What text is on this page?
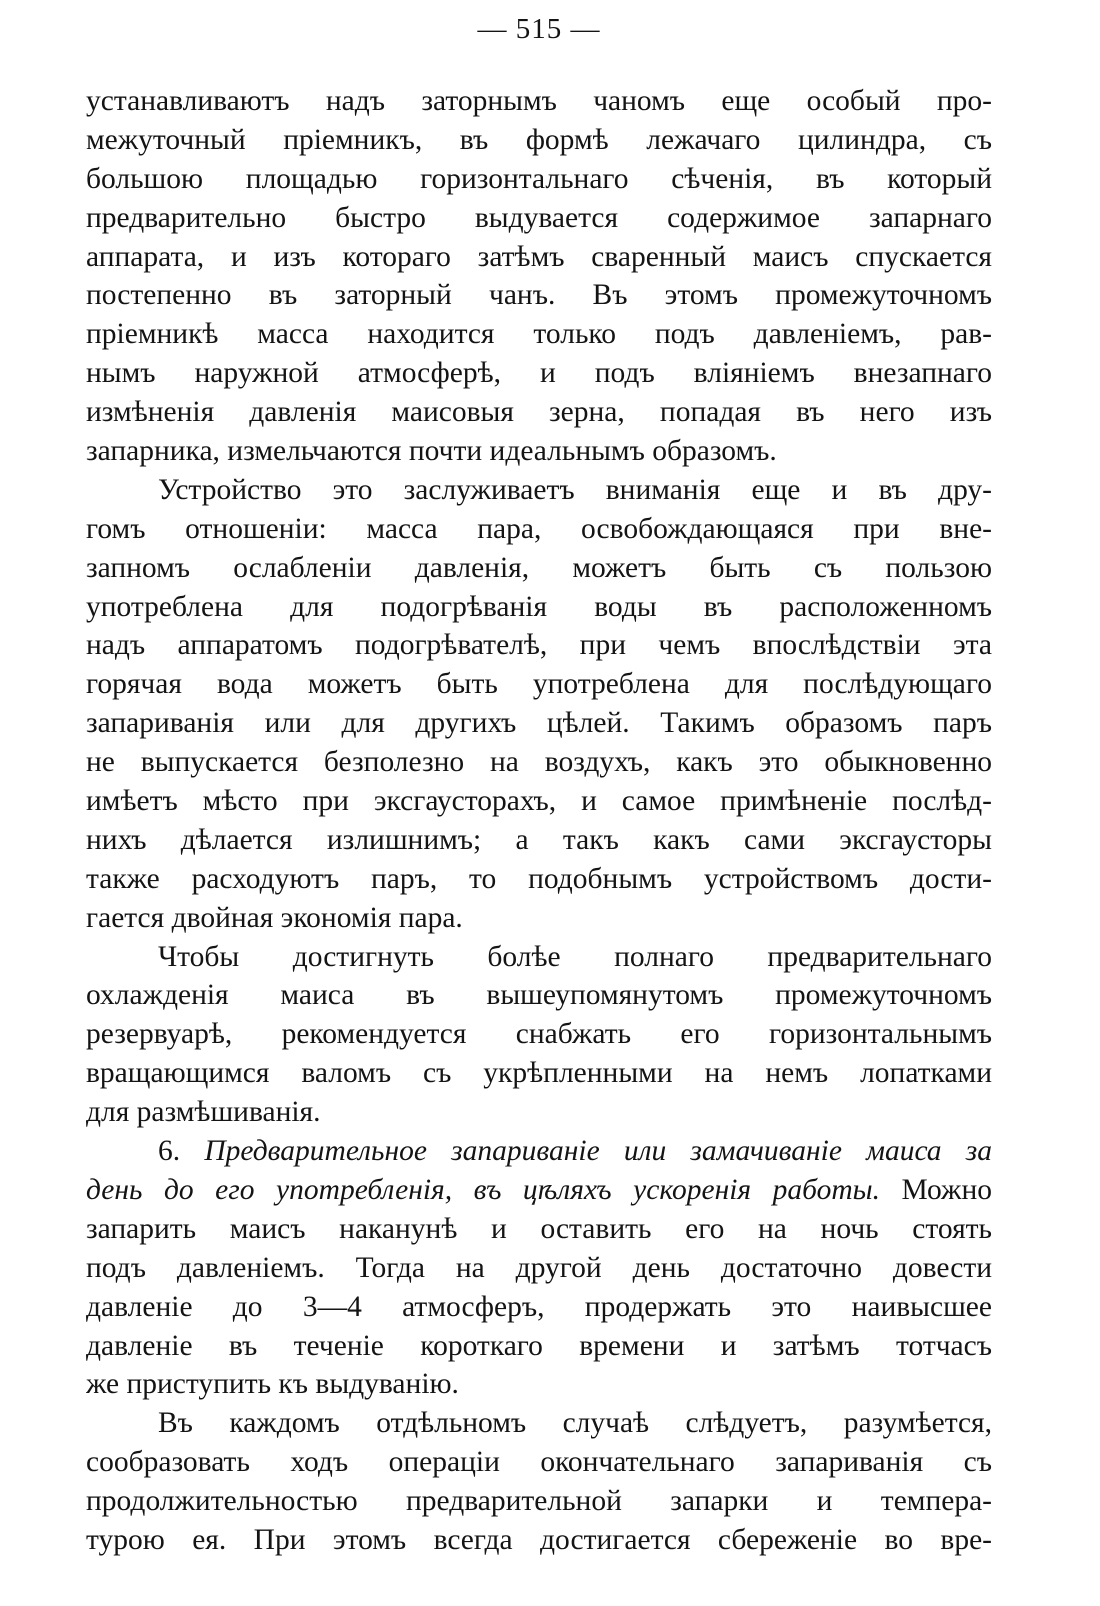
— 515 —
устанавливаютъ надъ заторнымъ чаномъ еще особый про-
межуточный пріемникъ, въ формѣ лежачаго цилиндра, съ
большою площадью горизонтальнаго сѣченія, въ который
предварительно быстро выдувается содержимое запарнаго
аппарата, и изъ котораго затѣмъ сваренный маисъ спускается
постепенно въ заторный чанъ. Въ этомъ промежуточномъ
пріемникѣ масса находится только подъ давленіемъ, рав-
нымъ наружной атмосферѣ, и подъ вліяніемъ внезапнаго
измѣненія давленія маисовыя зерна, попадая въ него изъ
запарника, измельчаются почти идеальнымъ образомъ.
Устройство это заслуживаетъ вниманія еще и въ дру-
гомъ отношеніи: масса пара, освобождающаяся при вне-
запномъ ослабленіи давленія, можетъ быть съ пользою
употреблена для подогрѣванія воды въ расположенномъ
надъ аппаратомъ подогрѣвателѣ, при чемъ впослѣдствіи эта
горячая вода можетъ быть употреблена для послѣдующаго
запариванія или для другихъ цѣлей. Такимъ образомъ паръ
не выпускается безполезно на воздухъ, какъ это обыкновенно
имѣетъ мѣсто при эксгаусторахъ, и самое примѣненіе послѣд-
нихъ дѣлается излишнимъ; а такъ какъ сами эксгаусторы
также расходуютъ паръ, то подобнымъ устройствомъ дости-
гается двойная экономія пара.
Чтобы достигнуть болѣе полнаго предварительнаго
охлажденія маиса въ вышеупомянутомъ промежуточномъ
резервуарѣ, рекомендуется снабжать его горизонтальнымъ
вращающимся валомъ съ укрѣпленными на немъ лопатками
для размѣшиванія.
6. Предварительное запариваніе или замачиваніе маиса за
день до его употребленія, въ цѣляхъ ускоренія работы. Можно
запарить маисъ наканунѣ и оставить его на ночь стоять
подъ давленіемъ. Тогда на другой день достаточно довести
давленіе до 3—4 атмосферъ, продержать это наивысшее
давленіе въ теченіе короткаго времени и затѣмъ тотчасъ
же приступить къ выдуванію.
Въ каждомъ отдѣльномъ случаѣ слѣдуетъ, разумѣется,
сообразовать ходъ операціи окончательнаго запариванія съ
продолжительностью предварительной запарки и темпера-
турою ея. При этомъ всегда достигается сбереженіе во вре-
